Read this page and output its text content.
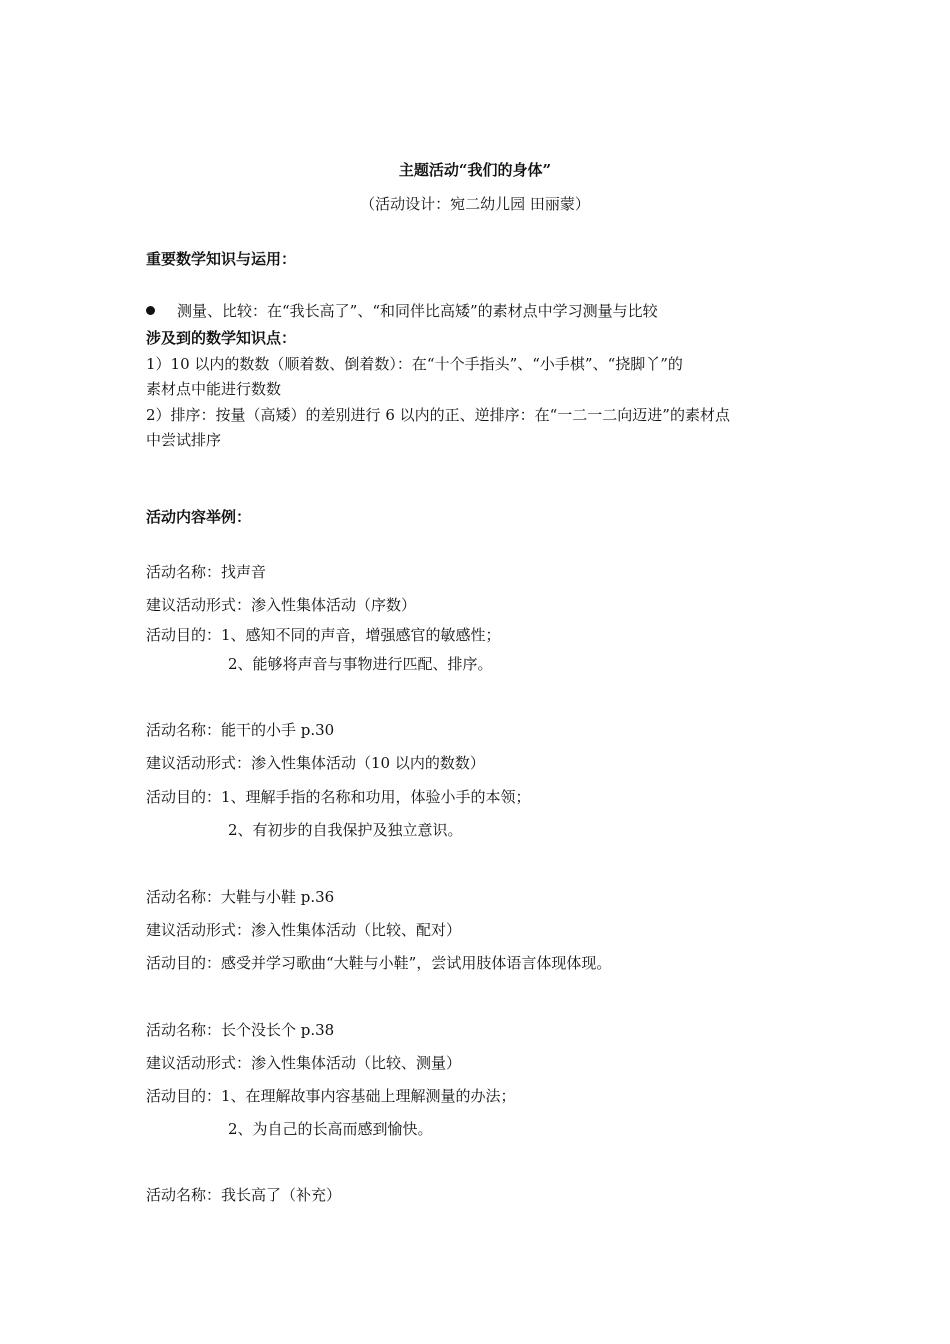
主题活动“我们的身体”
（活动设计：宛二幼儿园 田丽蒙）
重要数学知识与运用：
测量、比较：在“我长高了”、“和同伴比高矮”的素材点中学习测量与比较
涉及到的数学知识点：
1）10 以内的数数（顺着数、倒着数）：在“十个手指头”、“小手棋”、“挠脚丫”的
素材点中能进行数数
2）排序：按量（高矮）的差别进行 6 以内的正、逆排序：在“一二一二向迈进”的素材点
中尝试排序
活动内容举例：
活动名称：找声音
建议活动形式：渗入性集体活动（序数）
活动目的：1、感知不同的声音，增强感官的敏感性；
2、能够将声音与事物进行匹配、排序。
活动名称：能干的小手 p.30
建议活动形式：渗入性集体活动（10 以内的数数）
活动目的：1、理解手指的名称和功用，体验小手的本领；
2、有初步的自我保护及独立意识。
活动名称：大鞋与小鞋 p.36
建议活动形式：渗入性集体活动（比较、配对）
活动目的：感受并学习歌曲“大鞋与小鞋”，尝试用肢体语言体现体现。
活动名称：长个没长个 p.38
建议活动形式：渗入性集体活动（比较、测量）
活动目的：1、在理解故事内容基础上理解测量的办法；
2、为自己的长高而感到愉快。
活动名称：我长高了（补充）
